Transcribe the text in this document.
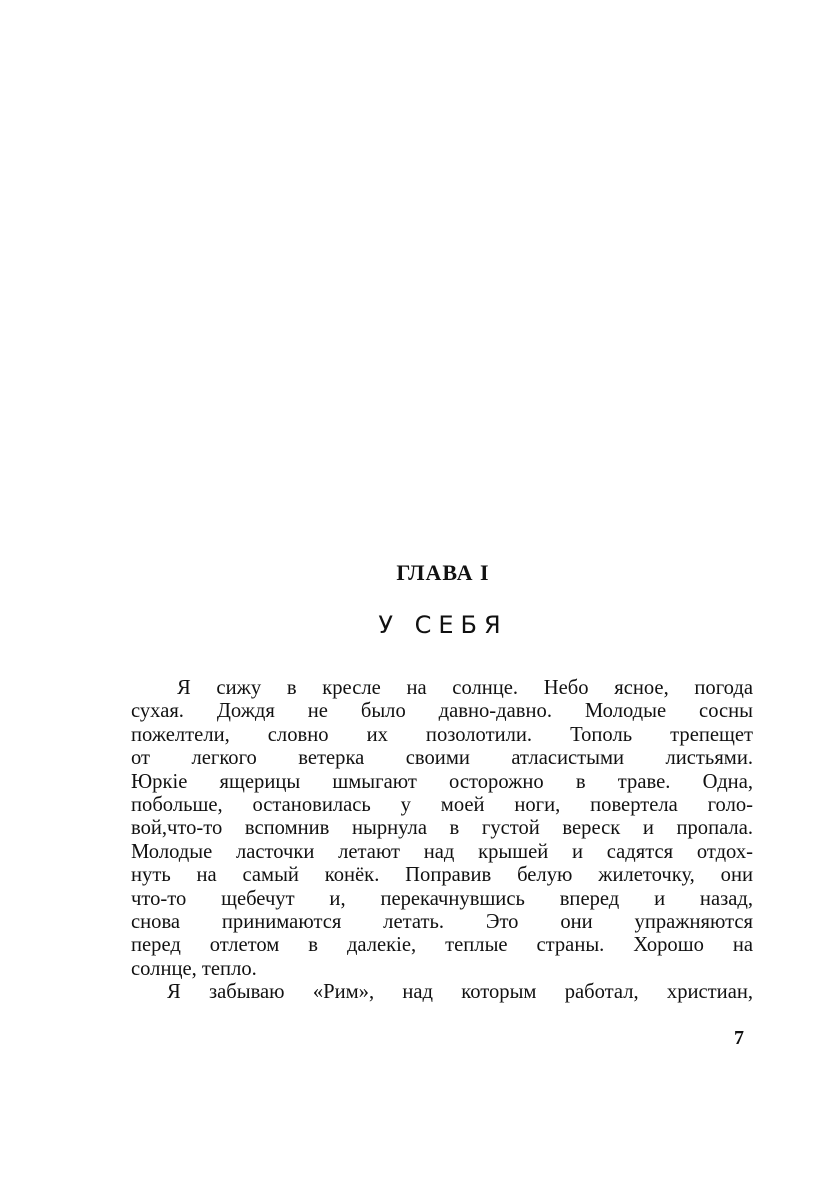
ГЛАВА I
У СЕБЯ

Я сижу в кресле на солнце. Небо ясное, погода
сухая. Дождя не было давно-давно. Молодые сосны
пожелтели, словно их позолотили. Тополь трепещет
от легкого ветерка своими атласистыми листьями.
Юркіе ящерицы шмыгают осторожно в траве. Одна,
побольше, остановилась у моей ноги, повертела голо-
вой,что-то вспомнив нырнула в густой вереск и пропала.
Молодые ласточки летают над крышей и садятся отдох-
нуть на самый конёк. Поправив белую жилеточку, они
что-то щебечут и, перекачнувшись вперед и назад,
снова принимаются летать. Это они упражняются
перед отлетом в далекіе, теплые страны. Хорошо на
солнце, тепло.

Я забываю «Рим», над которым работал, христиан,

7
